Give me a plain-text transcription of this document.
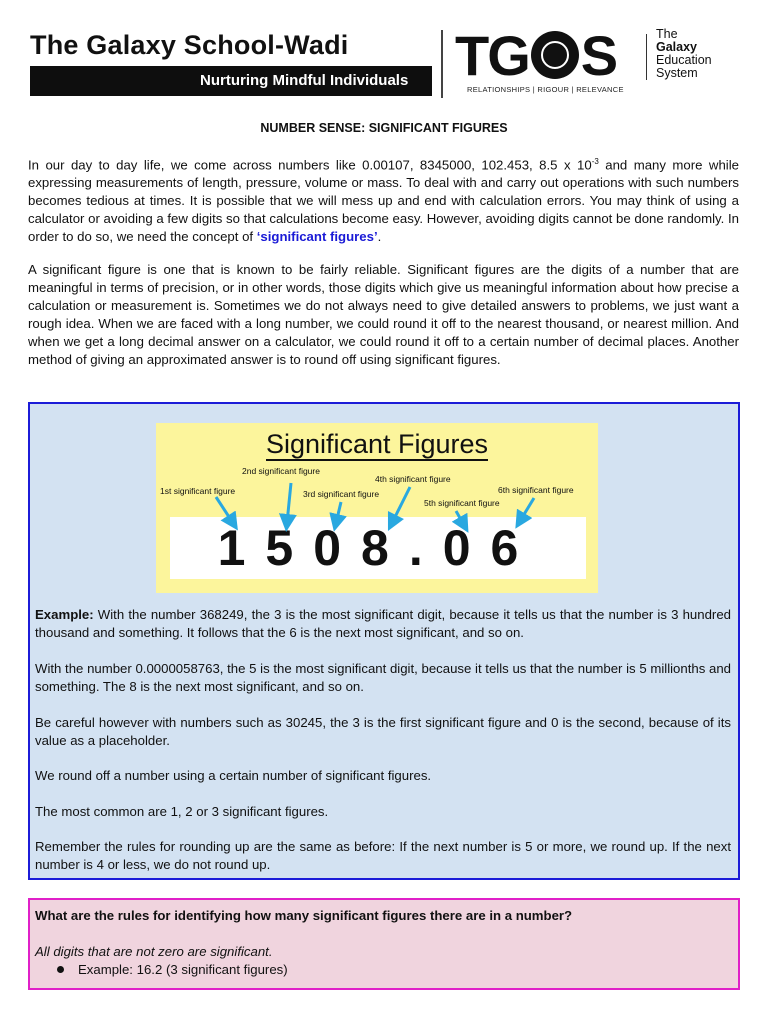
The Galaxy School-Wadi
Nurturing Mindful Individuals TG S
RELATIONSHIPS | RIGOUR | RELEVANCE
The
Galaxy
Education
System
NUMBER SENSE: SIGNIFICANT FIGURES
In our day to day life, we come across numbers like 0.00107, 8345000, 102.453, 8.5 x $10^{-3}$ and many more while expressing measurements of length, pressure, volume or mass. To deal with and carry out operations with such numbers becomes tedious at times. It is possible that we will mess up and end with calculation errors. You may think of using a calculator or avoiding a few digits so that calculations become easy. However, avoiding digits cannot be done randomly. In order to do so, we need the concept of ‘significant figures’.
A significant figure is one that is known to be fairly reliable. Significant figures are the digits of a number that are meaningful in terms of precision, or in other words, those digits which give us meaningful information about how precise a calculation or measurement is. Sometimes we do not always need to give detailed answers to problems, we just want a rough idea. When we are faced with a long number, we could round it off to the nearest thousand, or nearest million. And when we get a long decimal answer on a calculator, we could round it off to a certain number of decimal places. Another method of giving an approximated answer is to round off using significant figures.
Significant Figures
1508.06
1st significant figure
2nd significant figure
3rd significant figure
4th significant figure
5th significant figure
6th significant figure
Example: With the number 368249, the 3 is the most significant digit, because it tells us that the number is 3 hundred thousand and something. It follows that the 6 is the next most significant, and so on.
With the number 0.0000058763, the 5 is the most significant digit, because it tells us that the number is 5 millionths and something. The 8 is the next most significant, and so on.
Be careful however with numbers such as 30245, the 3 is the first significant figure and 0 is the second, because of its value as a placeholder.
We round off a number using a certain number of significant figures.
The most common are 1, 2 or 3 significant figures.
Remember the rules for rounding up are the same as before: If the next number is 5 or more, we round up. If the next number is 4 or less, we do not round up.
What are the rules for identifying how many significant figures there are in a number?
All digits that are not zero are significant.
Example: 16.2 (3 significant figures)
